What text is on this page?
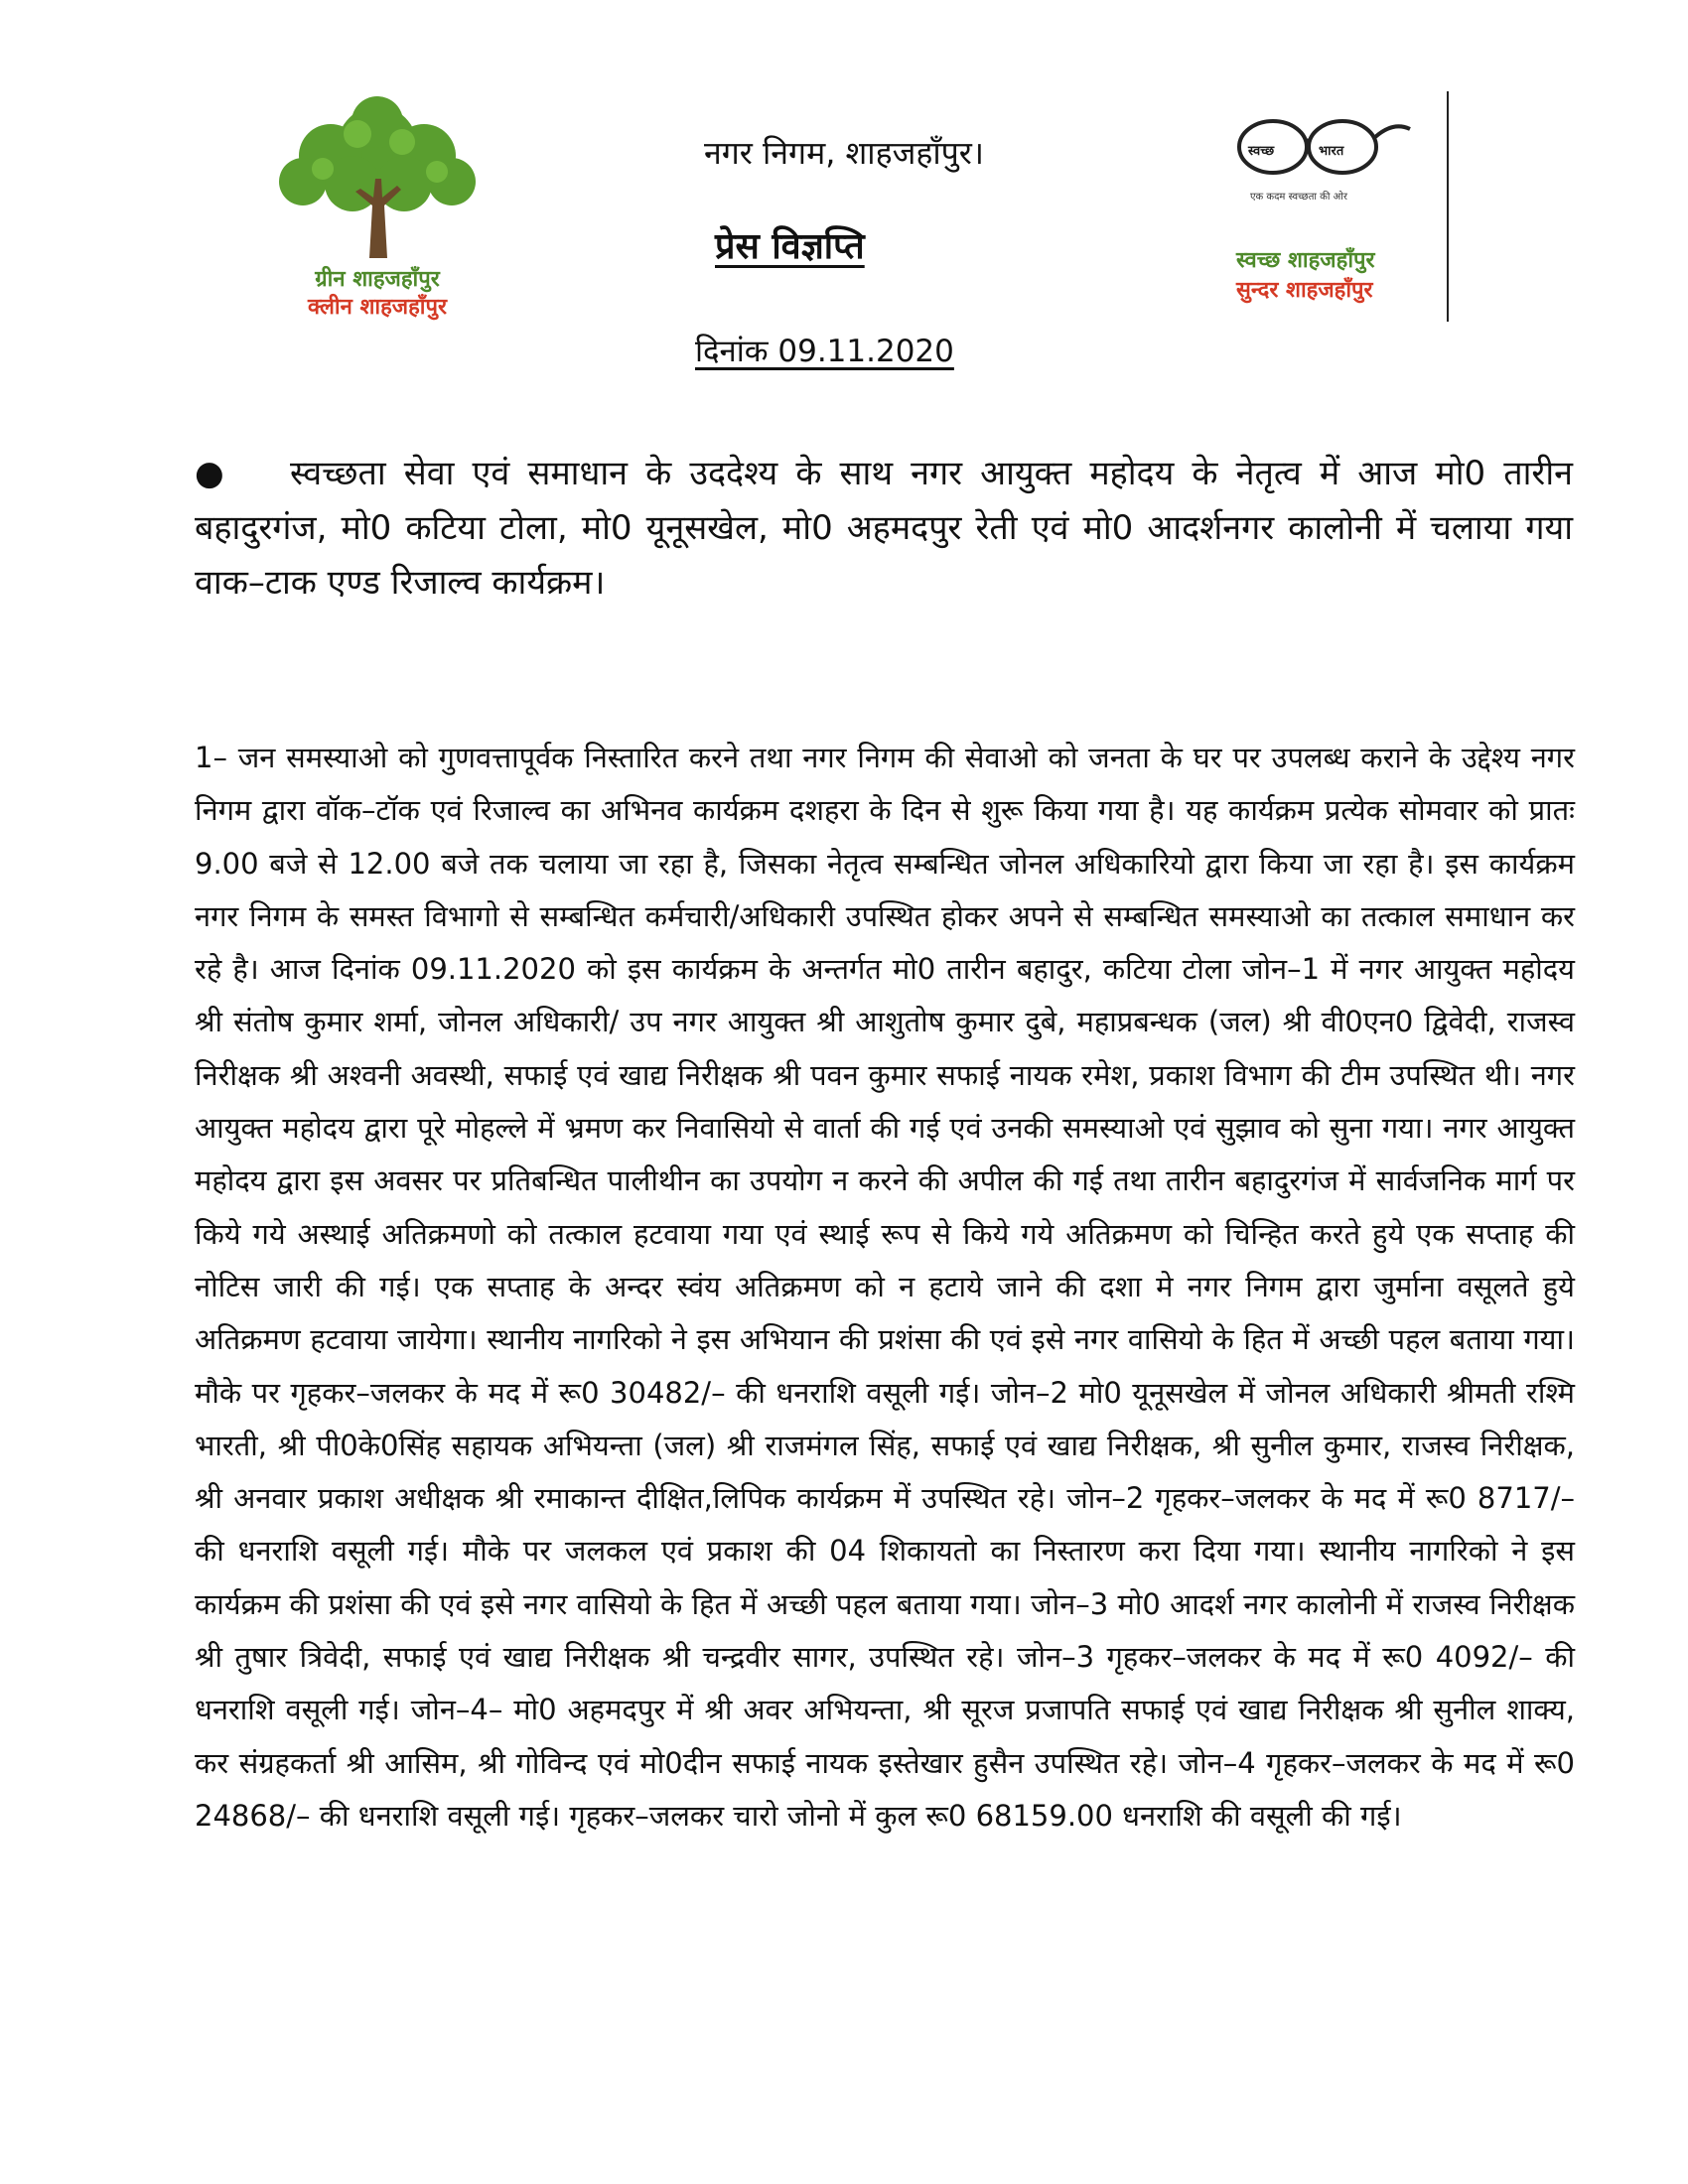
ग्रीन शाहजहाँपुर
क्लीन शाहजहाँपुर
नगर निगम, शाहजहाँपुर।
प्रेस विज्ञप्ति
दिनांक 09.11.2020
स्वच्छ	भारत
एक कदम स्वच्छता की ओर
स्वच्छ शाहजहाँपुर
सुन्दर शाहजहाँपुर
● स्वच्छता सेवा एवं समाधान के उददेश्य के साथ नगर आयुक्त महोदय के नेतृत्व में आज मो0 तारीन बहादुरगंज, मो0 कटिया टोला, मो0 यूनूसखेल, मो0 अहमदपुर रेती एवं मो0 आदर्शनगर कालोनी में चलाया गया वाक–टाक एण्ड रिजाल्व कार्यक्रम।
1– जन समस्याओ को गुणवत्तापूर्वक निस्तारित करने तथा नगर निगम की सेवाओ को जनता के घर पर उपलब्ध कराने के उद्देश्य नगर निगम द्वारा वॉक–टॉक एवं रिजाल्व का अभिनव कार्यक्रम दशहरा के दिन से शुरू किया गया है। यह कार्यक्रम प्रत्येक सोमवार को प्रातः 9.00 बजे से 12.00 बजे तक चलाया जा रहा है, जिसका नेतृत्व सम्बन्धित जोनल अधिकारियो द्वारा किया जा रहा है। इस कार्यक्रम नगर निगम के समस्त विभागो से सम्बन्धित कर्मचारी/अधिकारी उपस्थित होकर अपने से सम्बन्धित समस्याओ का तत्काल समाधान कर रहे है। आज दिनांक 09.11.2020 को इस कार्यक्रम के अन्तर्गत मो0 तारीन बहादुर, कटिया टोला जोन–1 में नगर आयुक्त महोदय श्री संतोष कुमार शर्मा, जोनल अधिकारी/ उप नगर आयुक्त श्री आशुतोष कुमार दुबे, महाप्रबन्धक (जल) श्री वी0एन0 द्विवेदी, राजस्व निरीक्षक श्री अश्वनी अवस्थी, सफाई एवं खाद्य निरीक्षक श्री पवन कुमार सफाई नायक रमेश, प्रकाश विभाग की टीम उपस्थित थी। नगर आयुक्त महोदय द्वारा पूरे मोहल्ले में भ्रमण कर निवासियो से वार्ता की गई एवं उनकी समस्याओ एवं सुझाव को सुना गया। नगर आयुक्त महोदय द्वारा इस अवसर पर प्रतिबन्धित पालीथीन का उपयोग न करने की अपील की गई तथा तारीन बहादुरगंज में सार्वजनिक मार्ग पर किये गये अस्थाई अतिक्रमणो को तत्काल हटवाया गया एवं स्थाई रूप से किये गये अतिक्रमण को चिन्हित करते हुये एक सप्ताह की नोटिस जारी की गई। एक सप्ताह के अन्दर स्वंय अतिक्रमण को न हटाये जाने की दशा मे नगर निगम द्वारा जुर्माना वसूलते हुये अतिक्रमण हटवाया जायेगा। स्थानीय नागरिको ने इस अभियान की प्रशंसा की एवं इसे नगर वासियो के हित में अच्छी पहल बताया गया। मौके पर गृहकर–जलकर के मद में रू0 30482/– की धनराशि वसूली गई। जोन–2 मो0 यूनूसखेल में जोनल अधिकारी श्रीमती रश्मि भारती, श्री पी0के0सिंह सहायक अभियन्ता (जल) श्री राजमंगल सिंह, सफाई एवं खाद्य निरीक्षक, श्री सुनील कुमार, राजस्व निरीक्षक, श्री अनवार प्रकाश अधीक्षक श्री रमाकान्त दीक्षित,लिपिक कार्यक्रम में उपस्थित रहे। जोन–2 गृहकर–जलकर के मद में रू0 8717/– की धनराशि वसूली गई। मौके पर जलकल एवं प्रकाश की 04 शिकायतो का निस्तारण करा दिया गया। स्थानीय नागरिको ने इस कार्यक्रम की प्रशंसा की एवं इसे नगर वासियो के हित में अच्छी पहल बताया गया। जोन–3 मो0 आदर्श नगर कालोनी में राजस्व निरीक्षक श्री तुषार त्रिवेदी, सफाई एवं खाद्य निरीक्षक श्री चन्द्रवीर सागर, उपस्थित रहे। जोन–3 गृहकर–जलकर के मद में रू0 4092/– की धनराशि वसूली गई। जोन–4– मो0 अहमदपुर में श्री अवर अभियन्ता, श्री सूरज प्रजापति सफाई एवं खाद्य निरीक्षक श्री सुनील शाक्य, कर संग्रहकर्ता श्री आसिम, श्री गोविन्द एवं मो0दीन सफाई नायक इस्तेखार हुसैन उपस्थित रहे। जोन–4 गृहकर–जलकर के मद में रू0 24868/– की धनराशि वसूली गई। गृहकर–जलकर चारो जोनो में कुल रू0 68159.00 धनराशि की वसूली की गई।
